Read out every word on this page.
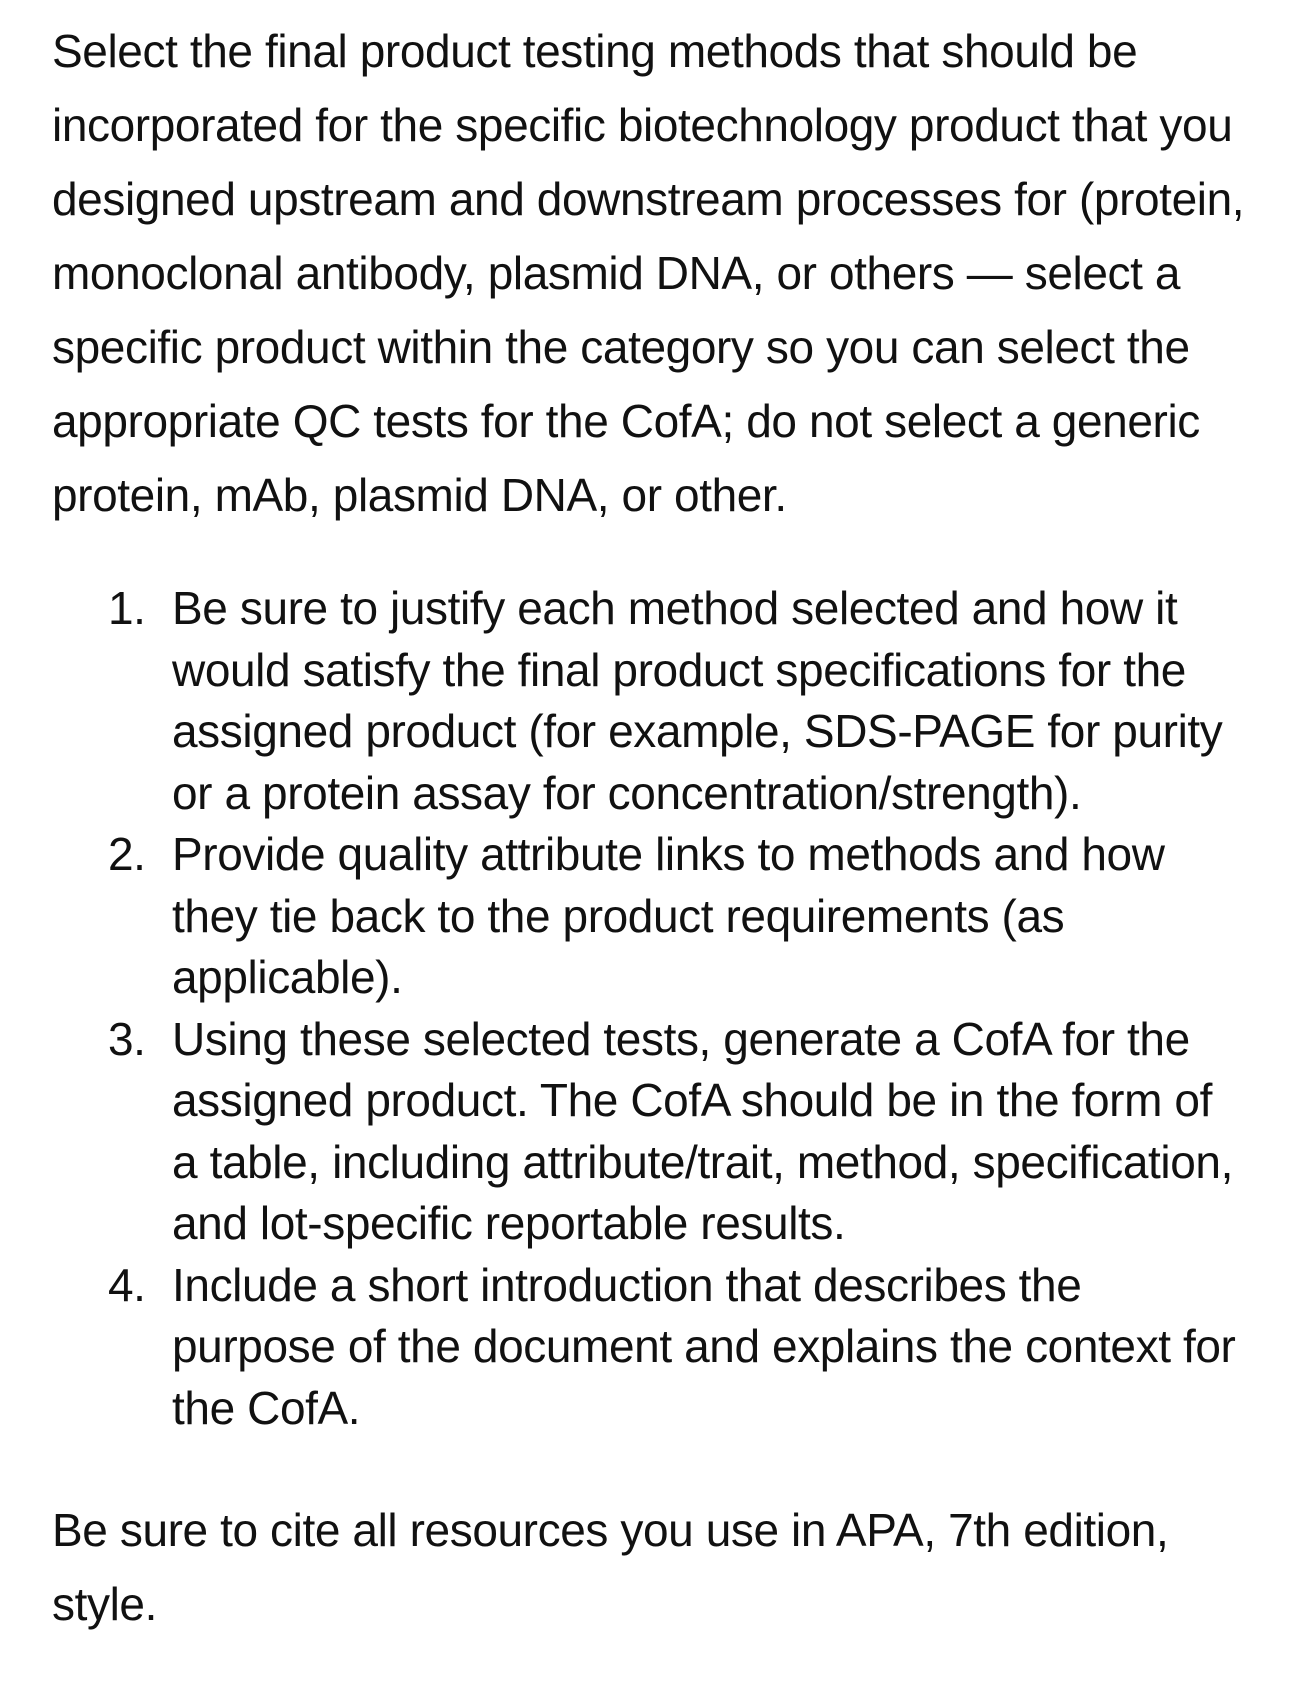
Select the final product testing methods that should be incorporated for the specific biotechnology product that you designed upstream and downstream processes for (protein, monoclonal antibody, plasmid DNA, or others — select a specific product within the category so you can select the appropriate QC tests for the CofA; do not select a generic protein, mAb, plasmid DNA, or other.

1. Be sure to justify each method selected and how it would satisfy the final product specifications for the assigned product (for example, SDS-PAGE for purity or a protein assay for concentration/strength).
2. Provide quality attribute links to methods and how they tie back to the product requirements (as applicable).
3. Using these selected tests, generate a CofA for the assigned product. The CofA should be in the form of a table, including attribute/trait, method, specification, and lot-specific reportable results.
4. Include a short introduction that describes the purpose of the document and explains the context for the CofA.

Be sure to cite all resources you use in APA, 7th edition, style.
